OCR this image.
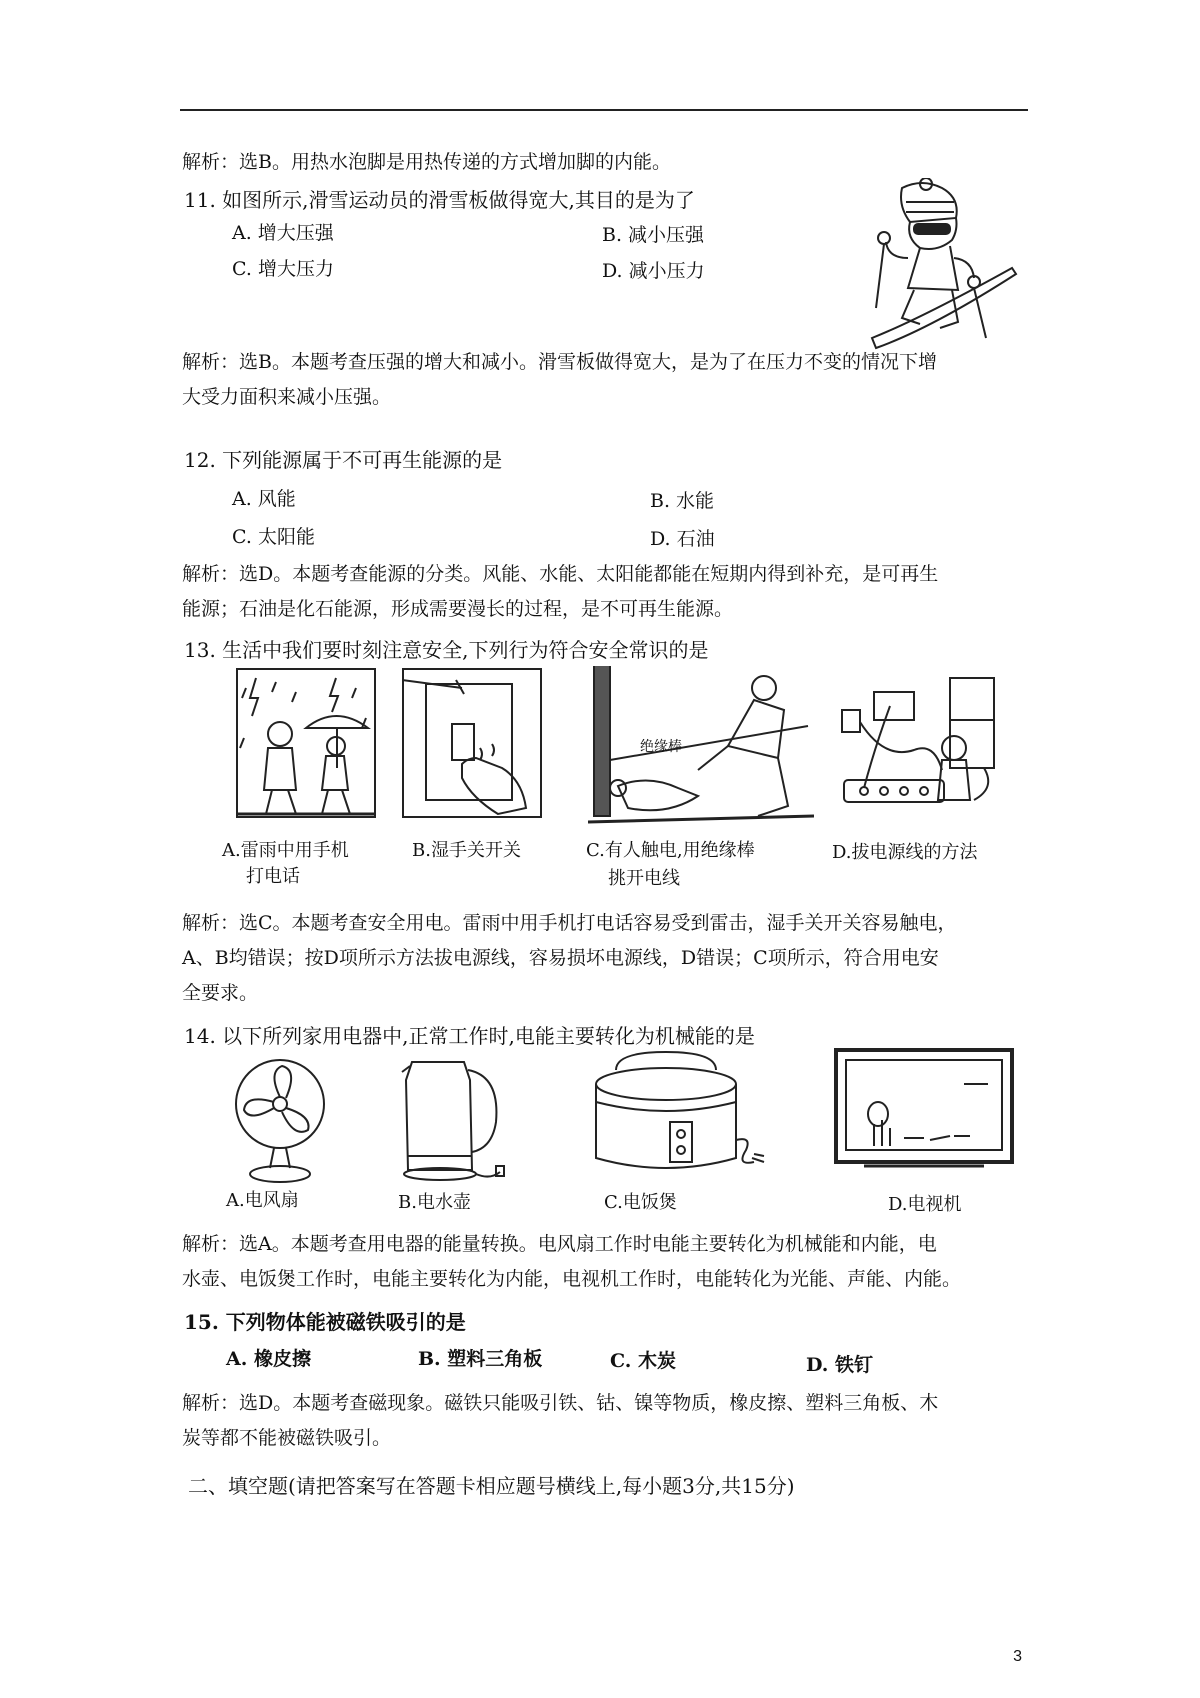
解析：选B。用热水泡脚是用热传递的方式增加脚的内能。
11. 如图所示,滑雪运动员的滑雪板做得宽大,其目的是为了
A. 增大压强	B. 减小压强
C. 增大压力	D. 减小压力
解析：选B。本题考查压强的增大和减小。滑雪板做得宽大，是为了在压力不变的情况下增
大受力面积来减小压强。
12. 下列能源属于不可再生能源的是
A. 风能	B. 水能
C. 太阳能	D. 石油
解析：选D。本题考查能源的分类。风能、水能、太阳能都能在短期内得到补充，是可再生
能源；石油是化石能源，形成需要漫长的过程，是不可再生能源。
13. 生活中我们要时刻注意安全,下列行为符合安全常识的是
绝缘棒
A.雷雨中用手机
打电话
B.湿手关开关	C.有人触电,用绝缘棒
挑开电线
D.拔电源线的方法
解析：选C。本题考查安全用电。雷雨中用手机打电话容易受到雷击，湿手关开关容易触电，
A、B均错误；按D项所示方法拔电源线，容易损坏电源线，D错误；C项所示，符合用电安
全要求。
14. 以下所列家用电器中,正常工作时,电能主要转化为机械能的是
A.电风扇	B.电水壶	C.电饭煲	D.电视机
解析：选A。本题考查用电器的能量转换。电风扇工作时电能主要转化为机械能和内能，电
水壶、电饭煲工作时，电能主要转化为内能，电视机工作时，电能转化为光能、声能、内能。
15. 下列物体能被磁铁吸引的是
A. 橡皮擦	B. 塑料三角板	C. 木炭	D. 铁钉
解析：选D。本题考查磁现象。磁铁只能吸引铁、钴、镍等物质，橡皮擦、塑料三角板、木
炭等都不能被磁铁吸引。
二、填空题(请把答案写在答题卡相应题号横线上,每小题3分,共15分)
3
